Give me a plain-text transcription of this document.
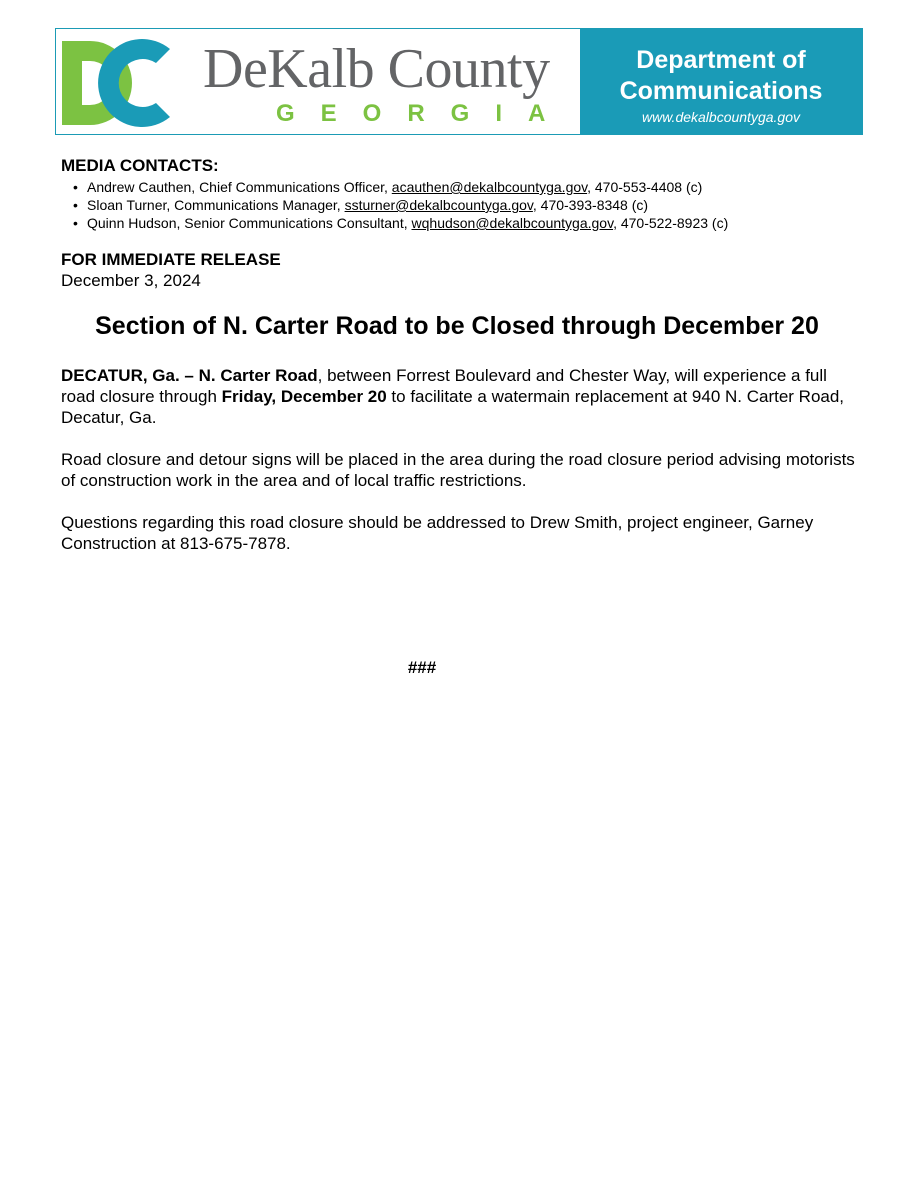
DeKalb County
GEORGIA
Department of Communications
www.dekalbcountyga.gov
MEDIA CONTACTS:
• Andrew Cauthen, Chief Communications Officer, acauthen@dekalbcountyga.gov, 470-553-4408 (c)
• Sloan Turner, Communications Manager, ssturner@dekalbcountyga.gov, 470-393-8348 (c)
• Quinn Hudson, Senior Communications Consultant, wqhudson@dekalbcountyga.gov, 470-522-8923 (c)
FOR IMMEDIATE RELEASE
December 3, 2024
Section of N. Carter Road to be Closed through December 20

DECATUR, Ga. – N. Carter Road, between Forrest Boulevard and Chester Way, will experience a full road closure through Friday, December 20 to facilitate a watermain replacement at 940 N. Carter Road, Decatur, Ga.

Road closure and detour signs will be placed in the area during the road closure period advising motorists of construction work in the area and of local traffic restrictions.

Questions regarding this road closure should be addressed to Drew Smith, project engineer, Garney Construction at 813-675-7878.

###
